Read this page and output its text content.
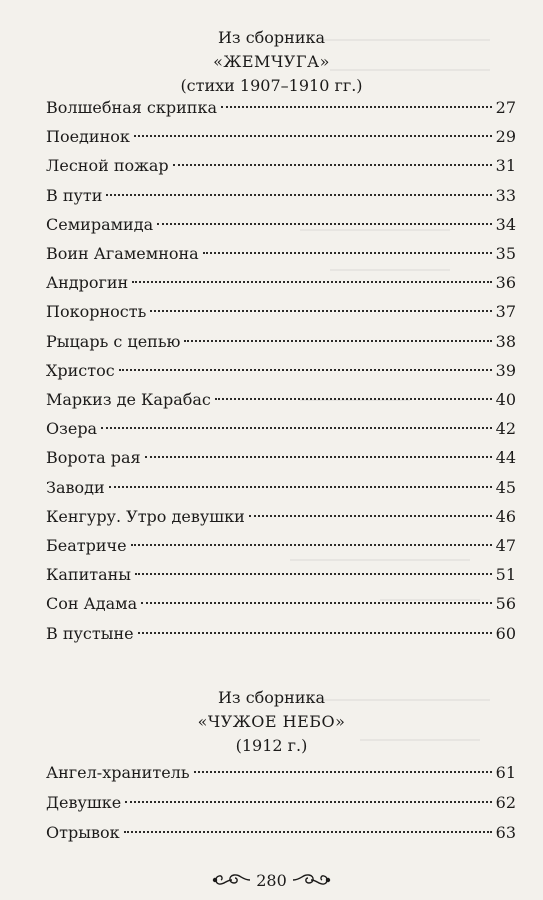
Из сборника
«ЖЕМЧУГА»
(стихи 1907–1910 гг.)
Волшебная скрипка	27
Поединок	29
Лесной пожар	31
В пути	33
Семирамида	34
Воин Агамемнона	35
Андрогин	36
Покорность	37
Рыцарь с цепью	38
Христос	39
Маркиз де Карабас	40
Озера	42
Ворота рая	44
Заводи	45
Кенгуру. Утро девушки	46
Беатриче	47
Капитаны	51
Сон Адама	56
В пустыне	60
Из сборника
«ЧУЖОЕ НЕБО»
(1912 г.)
Ангел-хранитель	61
Девушке	62
Отрывок	63
280
